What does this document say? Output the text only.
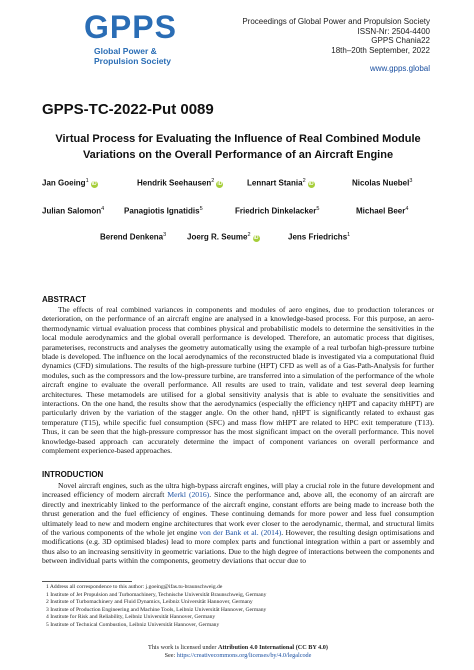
GPPS
Global Power &
Propulsion Society
Proceedings of Global Power and Propulsion Society
ISSN-Nr: 2504-4400
GPPS Chania22
18th–20th September, 2022
www.gpps.global
GPPS-TC-2022-Put 0089
Virtual Process for Evaluating the Influence of Real Combined Module
Variations on the Overall Performance of an Aircraft Engine
Jan Goeing$^1$ iD	Hendrik Seehausen$^2$ iD	Lennart Stania$^2$ iD	Nicolas Nuebel$^3$
Julian Salomon$^4$ Panagiotis Ignatidis$^5$	Friedrich Dinkelacker$^5$	Michael Beer$^4$
Berend Denkena$^3$	Joerg R. Seume$^2$ iD	Jens Friedrichs$^1$
ABSTRACT

The effects of real combined variances in components and modules of aero engines, due to production tolerances or deterioration, on the performance of an aircraft engine are analysed in a knowledge-based process. For this purpose, an aero-thermodynamic virtual evaluation process that combines physical and probabilistic models to determine the sensitivities in the local module aerodynamics and the global overall performance is developed. Therefore, an automatic process that digitises, parameterises, reconstructs and analyses the geometry automatically using the example of a real turbofan high-pressure turbine blade is developed. The influence on the local aerodynamics of the reconstructed blade is investigated via a computational fluid dynamics (CFD) simulations. The results of the high-pressure turbine (HPT) CFD as well as of a Gas-Path-Analysis for further modules, such as the compressors and the low-pressure turbine, are transferred into a simulation of the performance of the whole aircraft engine to evaluate the overall performance. All results are used to train, validate and test several deep learning architectures. These metamodels are utilised for a global sensitivity analysis that is able to evaluate the sensitivities and interactions. On the one hand, the results show that the aerodynamics (especially the efficiency ηHPT and capacity ṁHPT) are particularly driven by the variation of the stagger angle. On the other hand, ηHPT is significantly related to exhaust gas temperature (T15), while specific fuel consumption (SFC) and mass flow ṁHPT are related to HPC exit temperature (T13). Thus, it can be seen that the high-pressure compressor has the most significant impact on the overall performance. This novel knowledge-based approach can accurately determine the impact of component variances on overall performance and complement experience-based approaches.

INTRODUCTION

Novel aircraft engines, such as the ultra high-bypass aircraft engines, will play a crucial role in the future development and increased efficiency of modern aircraft Merkl (2016). Since the performance and, above all, the economy of an aircraft are directly and inextricably linked to the performance of the aircraft engine, constant efforts are being made to increase both the thrust generation and the fuel efficiency of engines. These continuing demands for more power and less fuel consumption ultimately lead to new and modern engine architectures that work ever closer to the aerodynamic, thermal, and structural limits of the various components of the whole jet engine von der Bank et al. (2014). However, the resulting design optimisations and modifications (e.g. 3D optimised blades) lead to more complex parts and functional integration within a part or assembly and thus also to an increasing sensitivity in geometric variations. Due to the high degree of interactions between the components and between individual parts within the components, geometry deviations that occur due to

1 Address all correspondence to this author: j.goeing@ifas.tu-braunschweig.de
1 Institute of Jet Propulsion and Turbomachinery, Technische Universität Braunschweig, Germany
2 Institute of Turbomachinery and Fluid Dynamics, Leibniz Universität Hannover, Germany
3 Institute of Production Engineering and Machine Tools, Leibniz Universität Hannover, Germany
4 Institute for Risk and Reliability, Leibniz Universität Hannover, Germany
5 Institute of Technical Combustion, Leibniz Universität Hannover, Germany
This work is licensed under Attribution 4.0 International (CC BY 4.0)
See: https://creativecommons.org/licenses/by/4.0/legalcode
